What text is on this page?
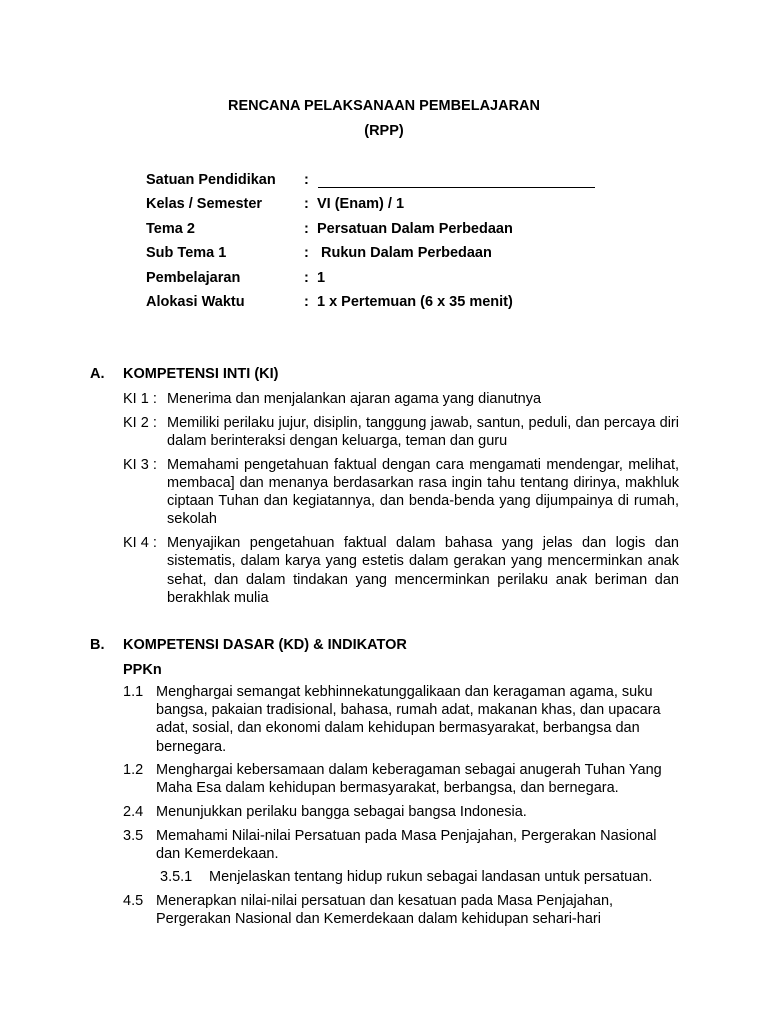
RENCANA PELAKSANAAN PEMBELAJARAN
(RPP)
Satuan Pendidikan	:
Kelas / Semester	: VI (Enam) / 1
Tema 2	: Persatuan Dalam Perbedaan
Sub Tema 1	: Rukun Dalam Perbedaan
Pembelajaran	: 1
Alokasi Waktu	: 1 x Pertemuan (6 x 35 menit)
A.	KOMPETENSI INTI (KI)
KI 1 : Menerima dan menjalankan ajaran agama yang dianutnya
KI 2 : Memiliki perilaku jujur, disiplin, tanggung jawab, santun, peduli, dan percaya diri dalam berinteraksi dengan keluarga, teman dan guru
KI 3 : Memahami pengetahuan faktual dengan cara mengamati mendengar, melihat, membaca] dan menanya berdasarkan rasa ingin tahu tentang dirinya, makhluk ciptaan Tuhan dan kegiatannya, dan benda-benda yang dijumpainya di rumah, sekolah
KI 4 : Menyajikan pengetahuan faktual dalam bahasa yang jelas dan logis dan sistematis, dalam karya yang estetis dalam gerakan yang mencerminkan anak sehat, dan dalam tindakan yang mencerminkan perilaku anak beriman dan berakhlak mulia
B.	KOMPETENSI DASAR (KD) & INDIKATOR
PPKn
1.1 Menghargai semangat kebhinnekatunggalikaan dan keragaman agama, suku bangsa, pakaian tradisional, bahasa, rumah adat, makanan khas, dan upacara adat, sosial, dan ekonomi dalam kehidupan bermasyarakat, berbangsa dan bernegara.
1.2 Menghargai kebersamaan dalam keberagaman sebagai anugerah Tuhan Yang Maha Esa dalam kehidupan bermasyarakat, berbangsa, dan bernegara.
2.4 Menunjukkan perilaku bangga sebagai bangsa Indonesia.
3.5 Memahami Nilai-nilai Persatuan pada Masa Penjajahan, Pergerakan Nasional dan Kemerdekaan.
3.5.1	Menjelaskan tentang hidup rukun sebagai landasan untuk persatuan.
4.5 Menerapkan nilai-nilai persatuan dan kesatuan pada Masa Penjajahan, Pergerakan Nasional dan Kemerdekaan dalam kehidupan sehari-hari
